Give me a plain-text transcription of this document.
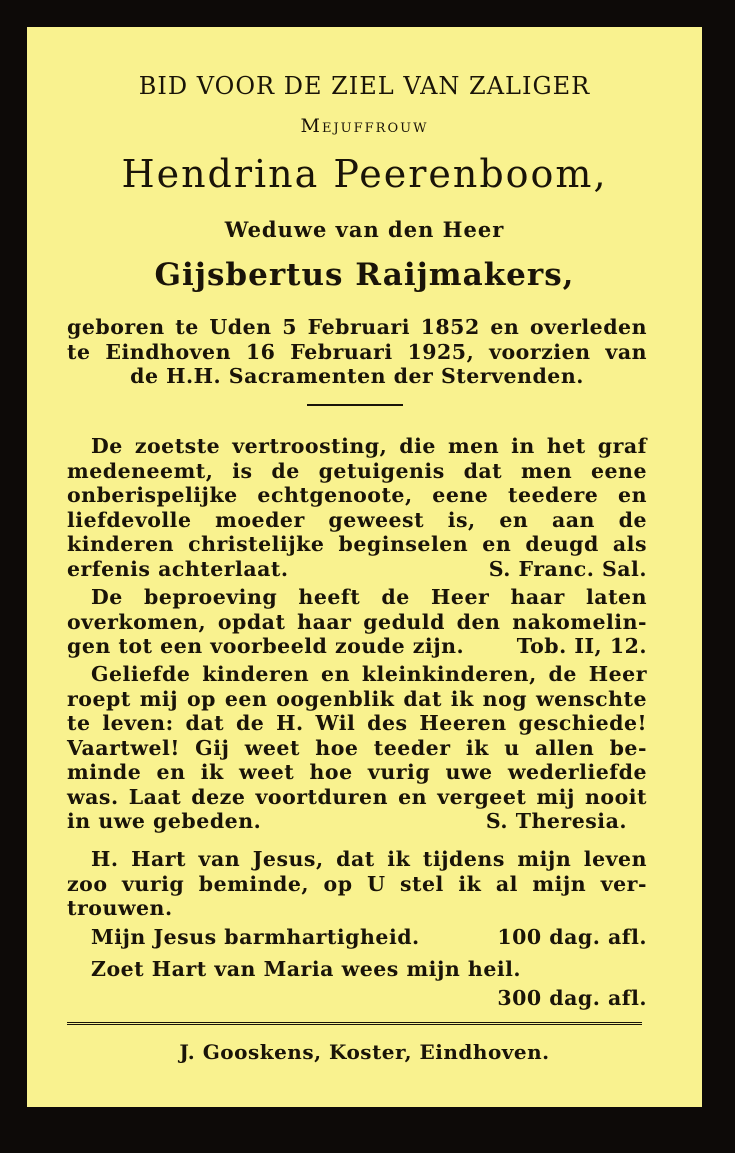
BID VOOR DE ZIEL VAN ZALIGER
Mejuffrouw
Hendrina Peerenboom,
Weduwe van den Heer
Gijsbertus Raijmakers,
geboren te Uden 5 Februari 1852 en overleden
te Eindhoven 16 Februari 1925, voorzien van
de H.H. Sacramenten der Stervenden.
De zoetste vertroosting, die men in het graf
medeneemt, is de getuigenis dat men eene
onberispelijke echtgenoote, eene teedere en
liefdevolle moeder geweest is, en aan de
kinderen christelijke beginselen en deugd als
erfenis achterlaat.	S. Franc. Sal.
De beproeving heeft de Heer haar laten
overkomen, opdat haar geduld den nakomelin-
gen tot een voorbeeld zoude zijn.	Tob. II, 12.
Geliefde kinderen en kleinkinderen, de Heer
roept mij op een oogenblik dat ik nog wenschte
te leven: dat de H. Wil des Heeren geschiede!
Vaartwel! Gij weet hoe teeder ik u allen be-
minde en ik weet hoe vurig uwe wederliefde
was. Laat deze voortduren en vergeet mij nooit
in uwe gebeden.	S. Theresia.
H. Hart van Jesus, dat ik tijdens mijn leven
zoo vurig beminde, op U stel ik al mijn ver-
trouwen.
Mijn Jesus barmhartigheid.	100 dag. afl.
Zoet Hart van Maria wees mijn heil.
300 dag. afl.
J. Gooskens, Koster, Eindhoven.
